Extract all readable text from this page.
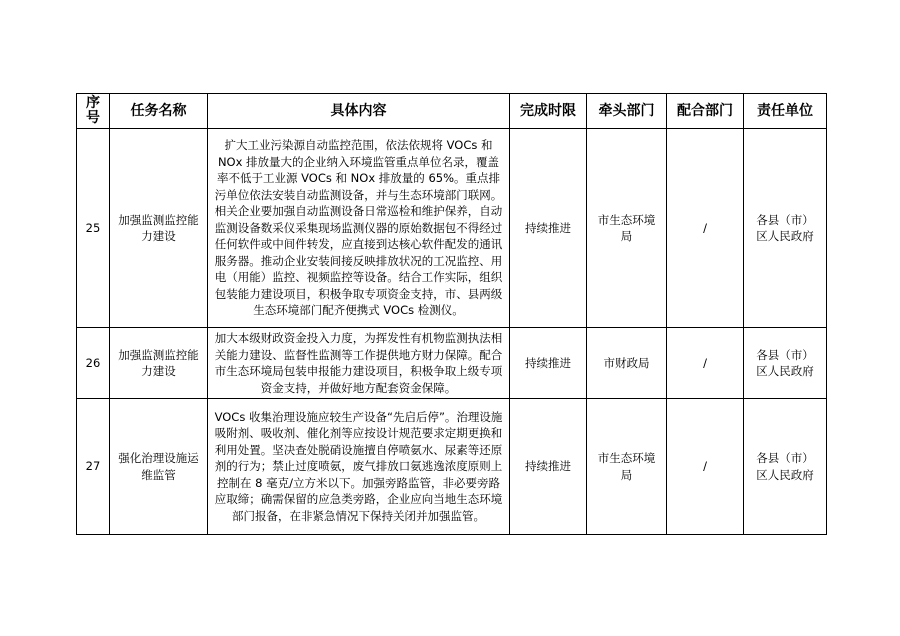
序号	任务名称	具体内容	完成时限	牵头部门	配合部门	责任单位
25	加强监测监控能力建设	扩大工业污染源自动监控范围，依法依规将 VOCs 和 NOx 排放量大的企业纳入环境监管重点单位名录，覆盖率不低于工业源 VOCs 和 NOx 排放量的 65%。重点排污单位依法安装自动监测设备，并与生态环境部门联网。相关企业要加强自动监测设备日常巡检和维护保养，自动监测设备数采仪采集现场监测仪器的原始数据包不得经过任何软件或中间件转发，应直接到达核心软件配发的通讯服务器。推动企业安装间接反映排放状况的工况监控、用电（用能）监控、视频监控等设备。结合工作实际，组织包装能力建设项目，积极争取专项资金支持，市、县两级生态环境部门配齐便携式 VOCs 检测仪。	持续推进	市生态环境局	/	各县（市）区人民政府
26	加强监测监控能力建设	加大本级财政资金投入力度，为挥发性有机物监测执法相关能力建设、监督性监测等工作提供地方财力保障。配合市生态环境局包装申报能力建设项目，积极争取上级专项资金支持，并做好地方配套资金保障。	持续推进	市财政局	/	各县（市）区人民政府
27	强化治理设施运维监管	VOCs 收集治理设施应较生产设备“先启后停”。治理设施吸附剂、吸收剂、催化剂等应按设计规范要求定期更换和利用处置。坚决查处脱硝设施擅自停喷氨水、尿素等还原剂的行为；禁止过度喷氨，废气排放口氨逃逸浓度原则上控制在 8 毫克/立方米以下。加强旁路监管，非必要旁路应取缔；确需保留的应急类旁路，企业应向当地生态环境部门报备，在非紧急情况下保持关闭并加强监管。	持续推进	市生态环境局	/	各县（市）区人民政府
